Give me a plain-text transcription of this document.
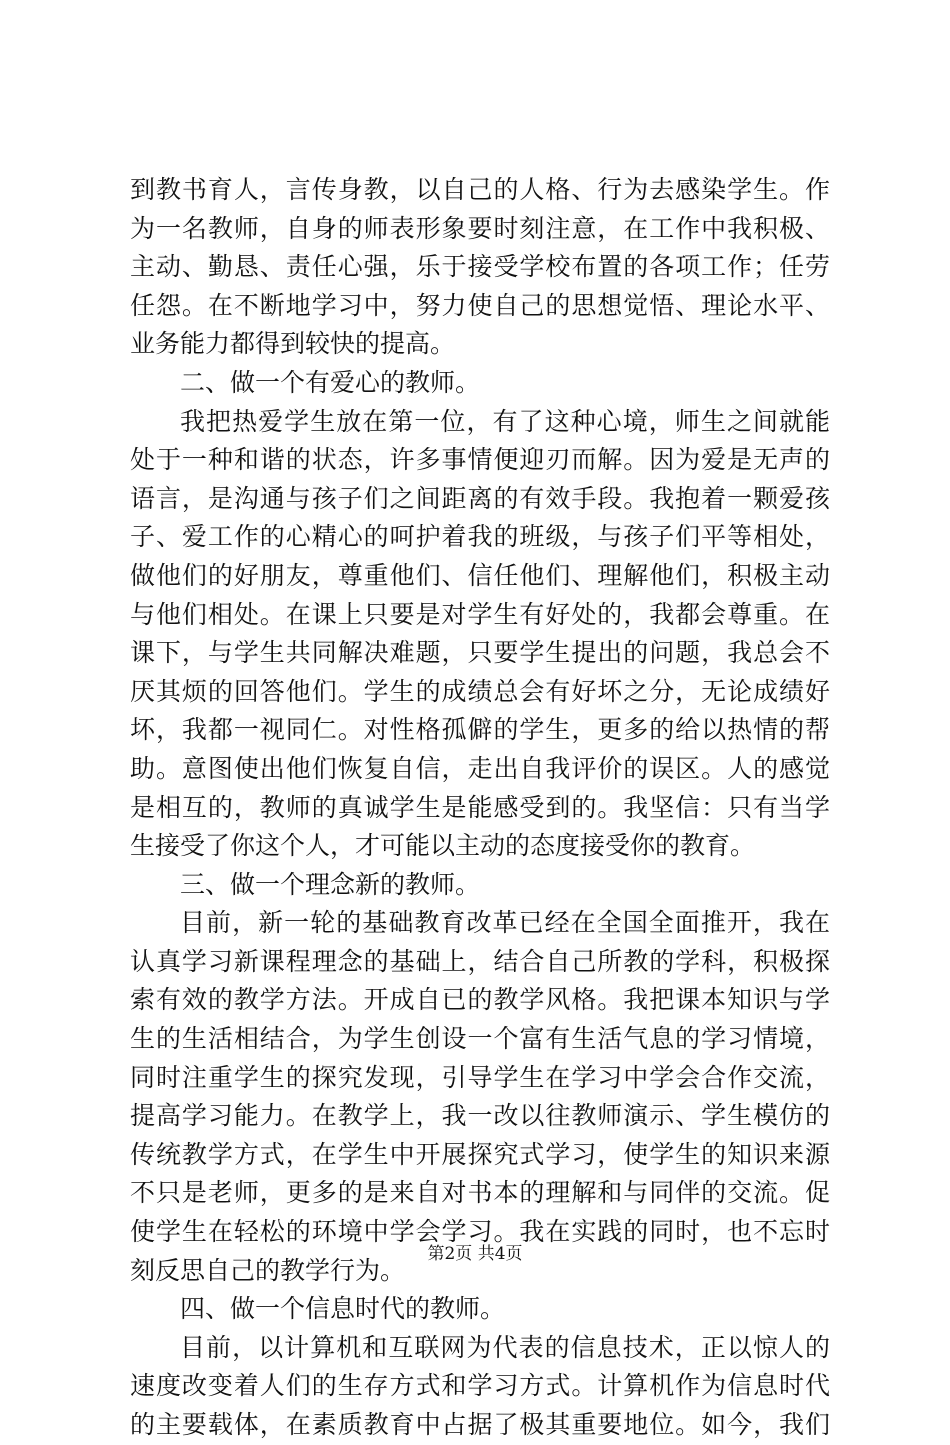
到教书育人，言传身教，以自己的人格、行为去感染学生。作
为一名教师，自身的师表形象要时刻注意，在工作中我积极、
主动、勤恳、责任心强，乐于接受学校布置的各项工作；任劳
任怨。在不断地学习中，努力使自己的思想觉悟、理论水平、
业务能力都得到较快的提高。
二、做一个有爱心的教师。
我把热爱学生放在第一位，有了这种心境，师生之间就能
处于一种和谐的状态，许多事情便迎刃而解。因为爱是无声的
语言，是沟通与孩子们之间距离的有效手段。我抱着一颗爱孩
子、爱工作的心精心的呵护着我的班级，与孩子们平等相处，
做他们的好朋友，尊重他们、信任他们、理解他们，积极主动
与他们相处。在课上只要是对学生有好处的，我都会尊重。在
课下，与学生共同解决难题，只要学生提出的问题，我总会不
厌其烦的回答他们。学生的成绩总会有好坏之分，无论成绩好
坏，我都一视同仁。对性格孤僻的学生，更多的给以热情的帮
助。意图使出他们恢复自信，走出自我评价的误区。人的感觉
是相互的，教师的真诚学生是能感受到的。我坚信：只有当学
生接受了你这个人，才可能以主动的态度接受你的教育。
三、做一个理念新的教师。
目前，新一轮的基础教育改革已经在全国全面推开，我在
认真学习新课程理念的基础上，结合自己所教的学科，积极探
索有效的教学方法。开成自已的教学风格。我把课本知识与学
生的生活相结合，为学生创设一个富有生活气息的学习情境，
同时注重学生的探究发现，引导学生在学习中学会合作交流，
提高学习能力。在教学上，我一改以往教师演示、学生模仿的
传统教学方式，在学生中开展探究式学习，使学生的知识来源
不只是老师，更多的是来自对书本的理解和与同伴的交流。促
使学生在轻松的环境中学会学习。我在实践的同时，也不忘时
刻反思自己的教学行为。
四、做一个信息时代的教师。
目前，以计算机和互联网为代表的信息技术，正以惊人的
速度改变着人们的生存方式和学习方式。计算机作为信息时代
的主要载体，在素质教育中占据了极其重要地位。如今，我们
第2页 共4页
